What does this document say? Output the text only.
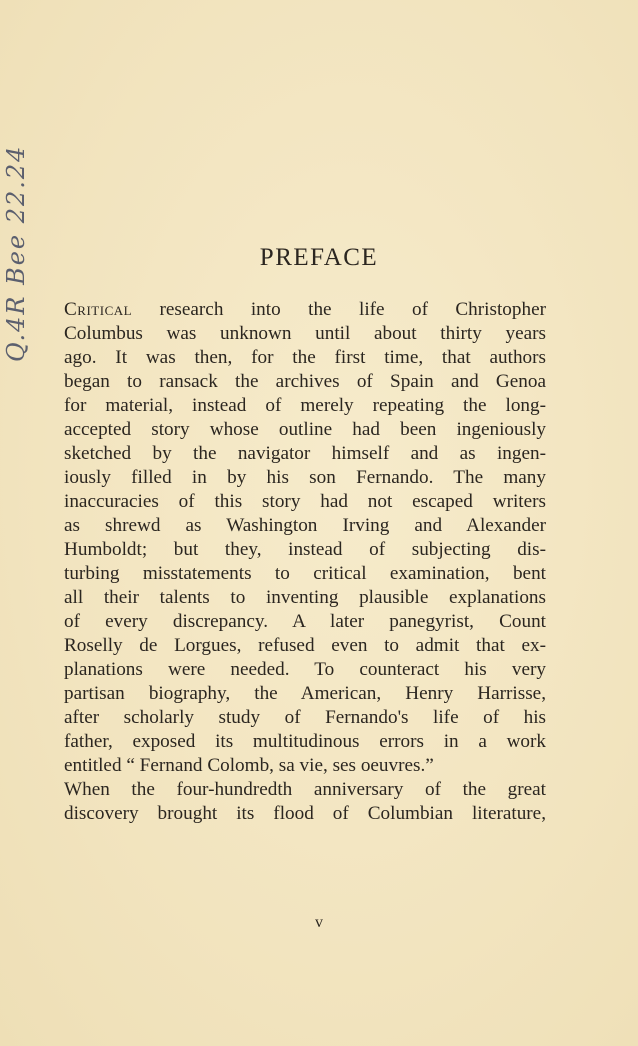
Q.4R Bee 22.24	PREFACE
Critical research into the life of Christopher
Columbus was unknown until about thirty years
ago. It was then, for the first time, that authors
began to ransack the archives of Spain and Genoa
for material, instead of merely repeating the long-
accepted story whose outline had been ingeniously
sketched by the navigator himself and as ingen-
iously filled in by his son Fernando. The many
inaccuracies of this story had not escaped writers
as shrewd as Washington Irving and Alexander
Humboldt; but they, instead of subjecting dis-
turbing misstatements to critical examination, bent
all their talents to inventing plausible explanations
of every discrepancy. A later panegyrist, Count
Roselly de Lorgues, refused even to admit that ex-
planations were needed. To counteract his very
partisan biography, the American, Henry Harrisse,
after scholarly study of Fernando's life of his
father, exposed its multitudinous errors in a work
entitled “ Fernand Colomb, sa vie, ses oeuvres.”
When the four-hundredth anniversary of the great
discovery brought its flood of Columbian literature,
v
